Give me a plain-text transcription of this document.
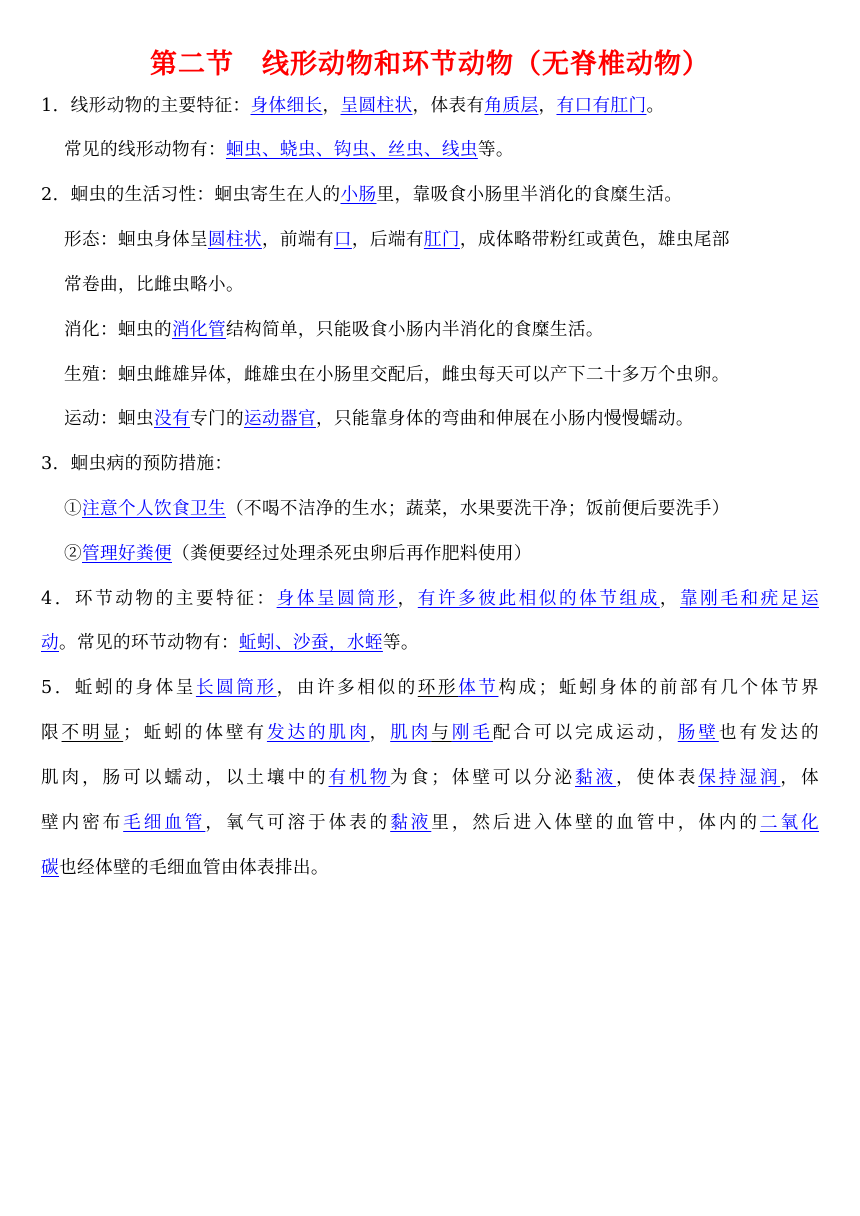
第二节　线形动物和环节动物（无脊椎动物）
1．线形动物的主要特征：身体细长，呈圆柱状，体表有角质层，有口有肛门。
常见的线形动物有：蛔虫、蛲虫、钩虫、丝虫、线虫等。
2．蛔虫的生活习性：蛔虫寄生在人的小肠里，靠吸食小肠里半消化的食糜生活。
形态：蛔虫身体呈圆柱状，前端有口，后端有肛门，成体略带粉红或黄色，雄虫尾部
常卷曲，比雌虫略小。
消化：蛔虫的消化管结构简单，只能吸食小肠内半消化的食糜生活。
生殖：蛔虫雌雄异体，雌雄虫在小肠里交配后，雌虫每天可以产下二十多万个虫卵。
运动：蛔虫没有专门的运动器官，只能靠身体的弯曲和伸展在小肠内慢慢蠕动。
3．蛔虫病的预防措施：
①注意个人饮食卫生（不喝不洁净的生水；蔬菜，水果要洗干净；饭前便后要洗手）
②管理好粪便（粪便要经过处理杀死虫卵后再作肥料使用）
4．环节动物的主要特征：身体呈圆筒形，有许多彼此相似的体节组成，靠刚毛和疣足运
动。常见的环节动物有：蚯蚓、沙蚕，水蛭等。
5．蚯蚓的身体呈长圆筒形，由许多相似的环形体节构成；蚯蚓身体的前部有几个体节界
限不明显；蚯蚓的体壁有发达的肌肉，肌肉与刚毛配合可以完成运动，肠壁也有发达的
肌肉，肠可以蠕动，以土壤中的有机物为食；体壁可以分泌黏液，使体表保持湿润，体
壁内密布毛细血管，氧气可溶于体表的黏液里，然后进入体壁的血管中，体内的二氧化
碳也经体壁的毛细血管由体表排出。
